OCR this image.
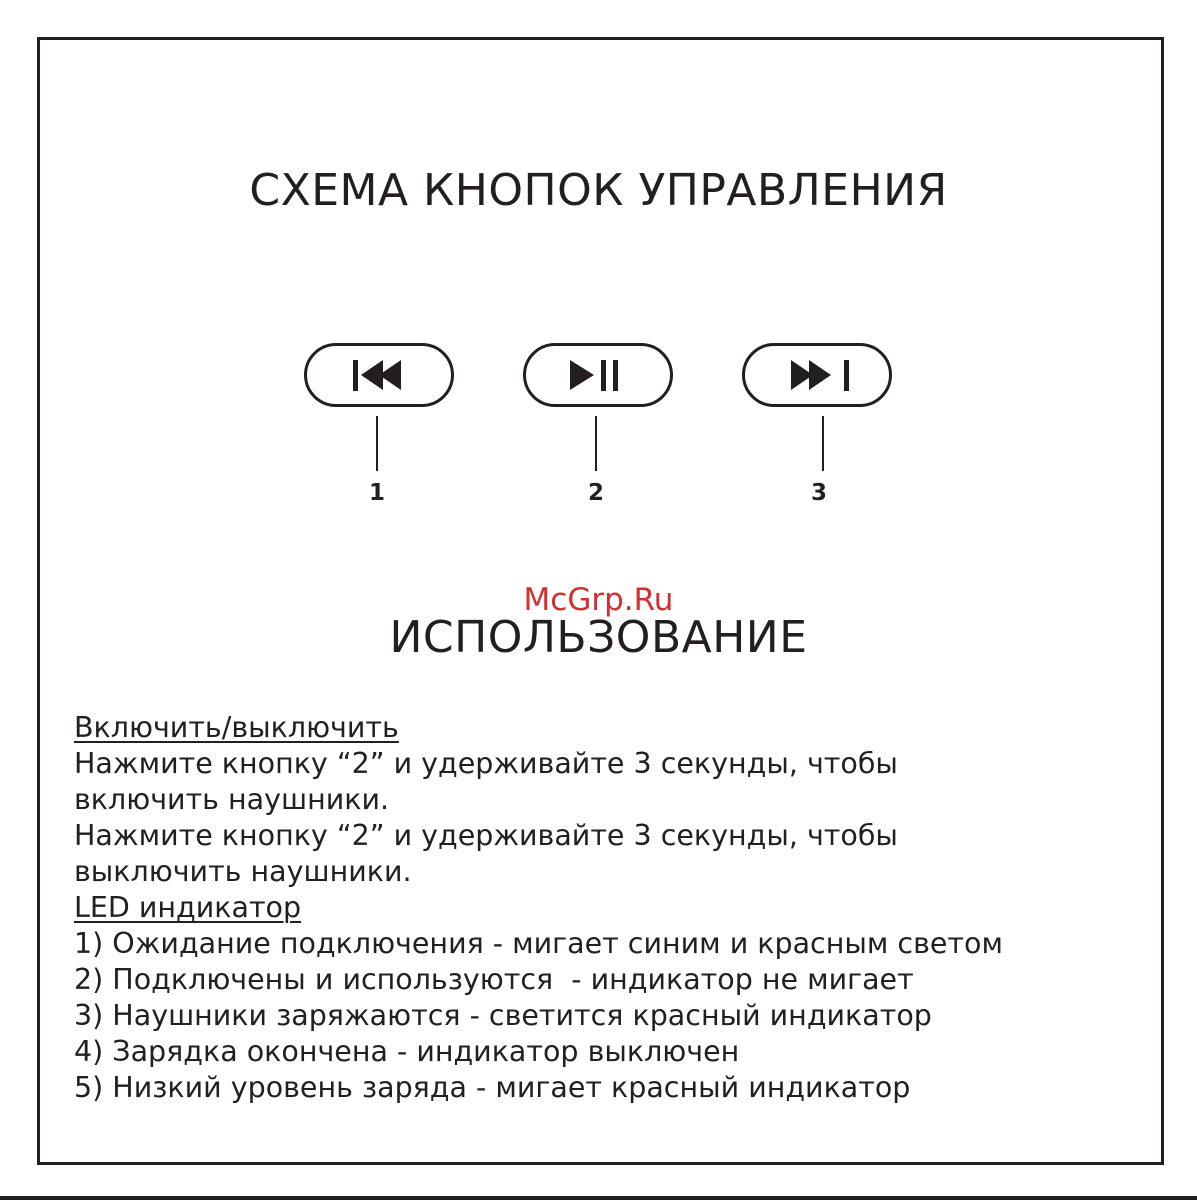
СХЕМА КНОПОК УПРАВЛЕНИЯ
1	2	3
McGrp.Ru
ИСПОЛЬЗОВАНИЕ
Включить/выключить
Нажмите кнопку “2” и удерживайте 3 секунды, чтобы
включить наушники.
Нажмите кнопку “2” и удерживайте 3 секунды, чтобы
выключить наушники.
LED индикатор
1) Ожидание подключения - мигает синим и красным светом
2) Подключены и используются  - индикатор не мигает
3) Наушники заряжаются - светится красный индикатор
4) Зарядка окончена - индикатор выключен
5) Низкий уровень заряда - мигает красный индикатор
